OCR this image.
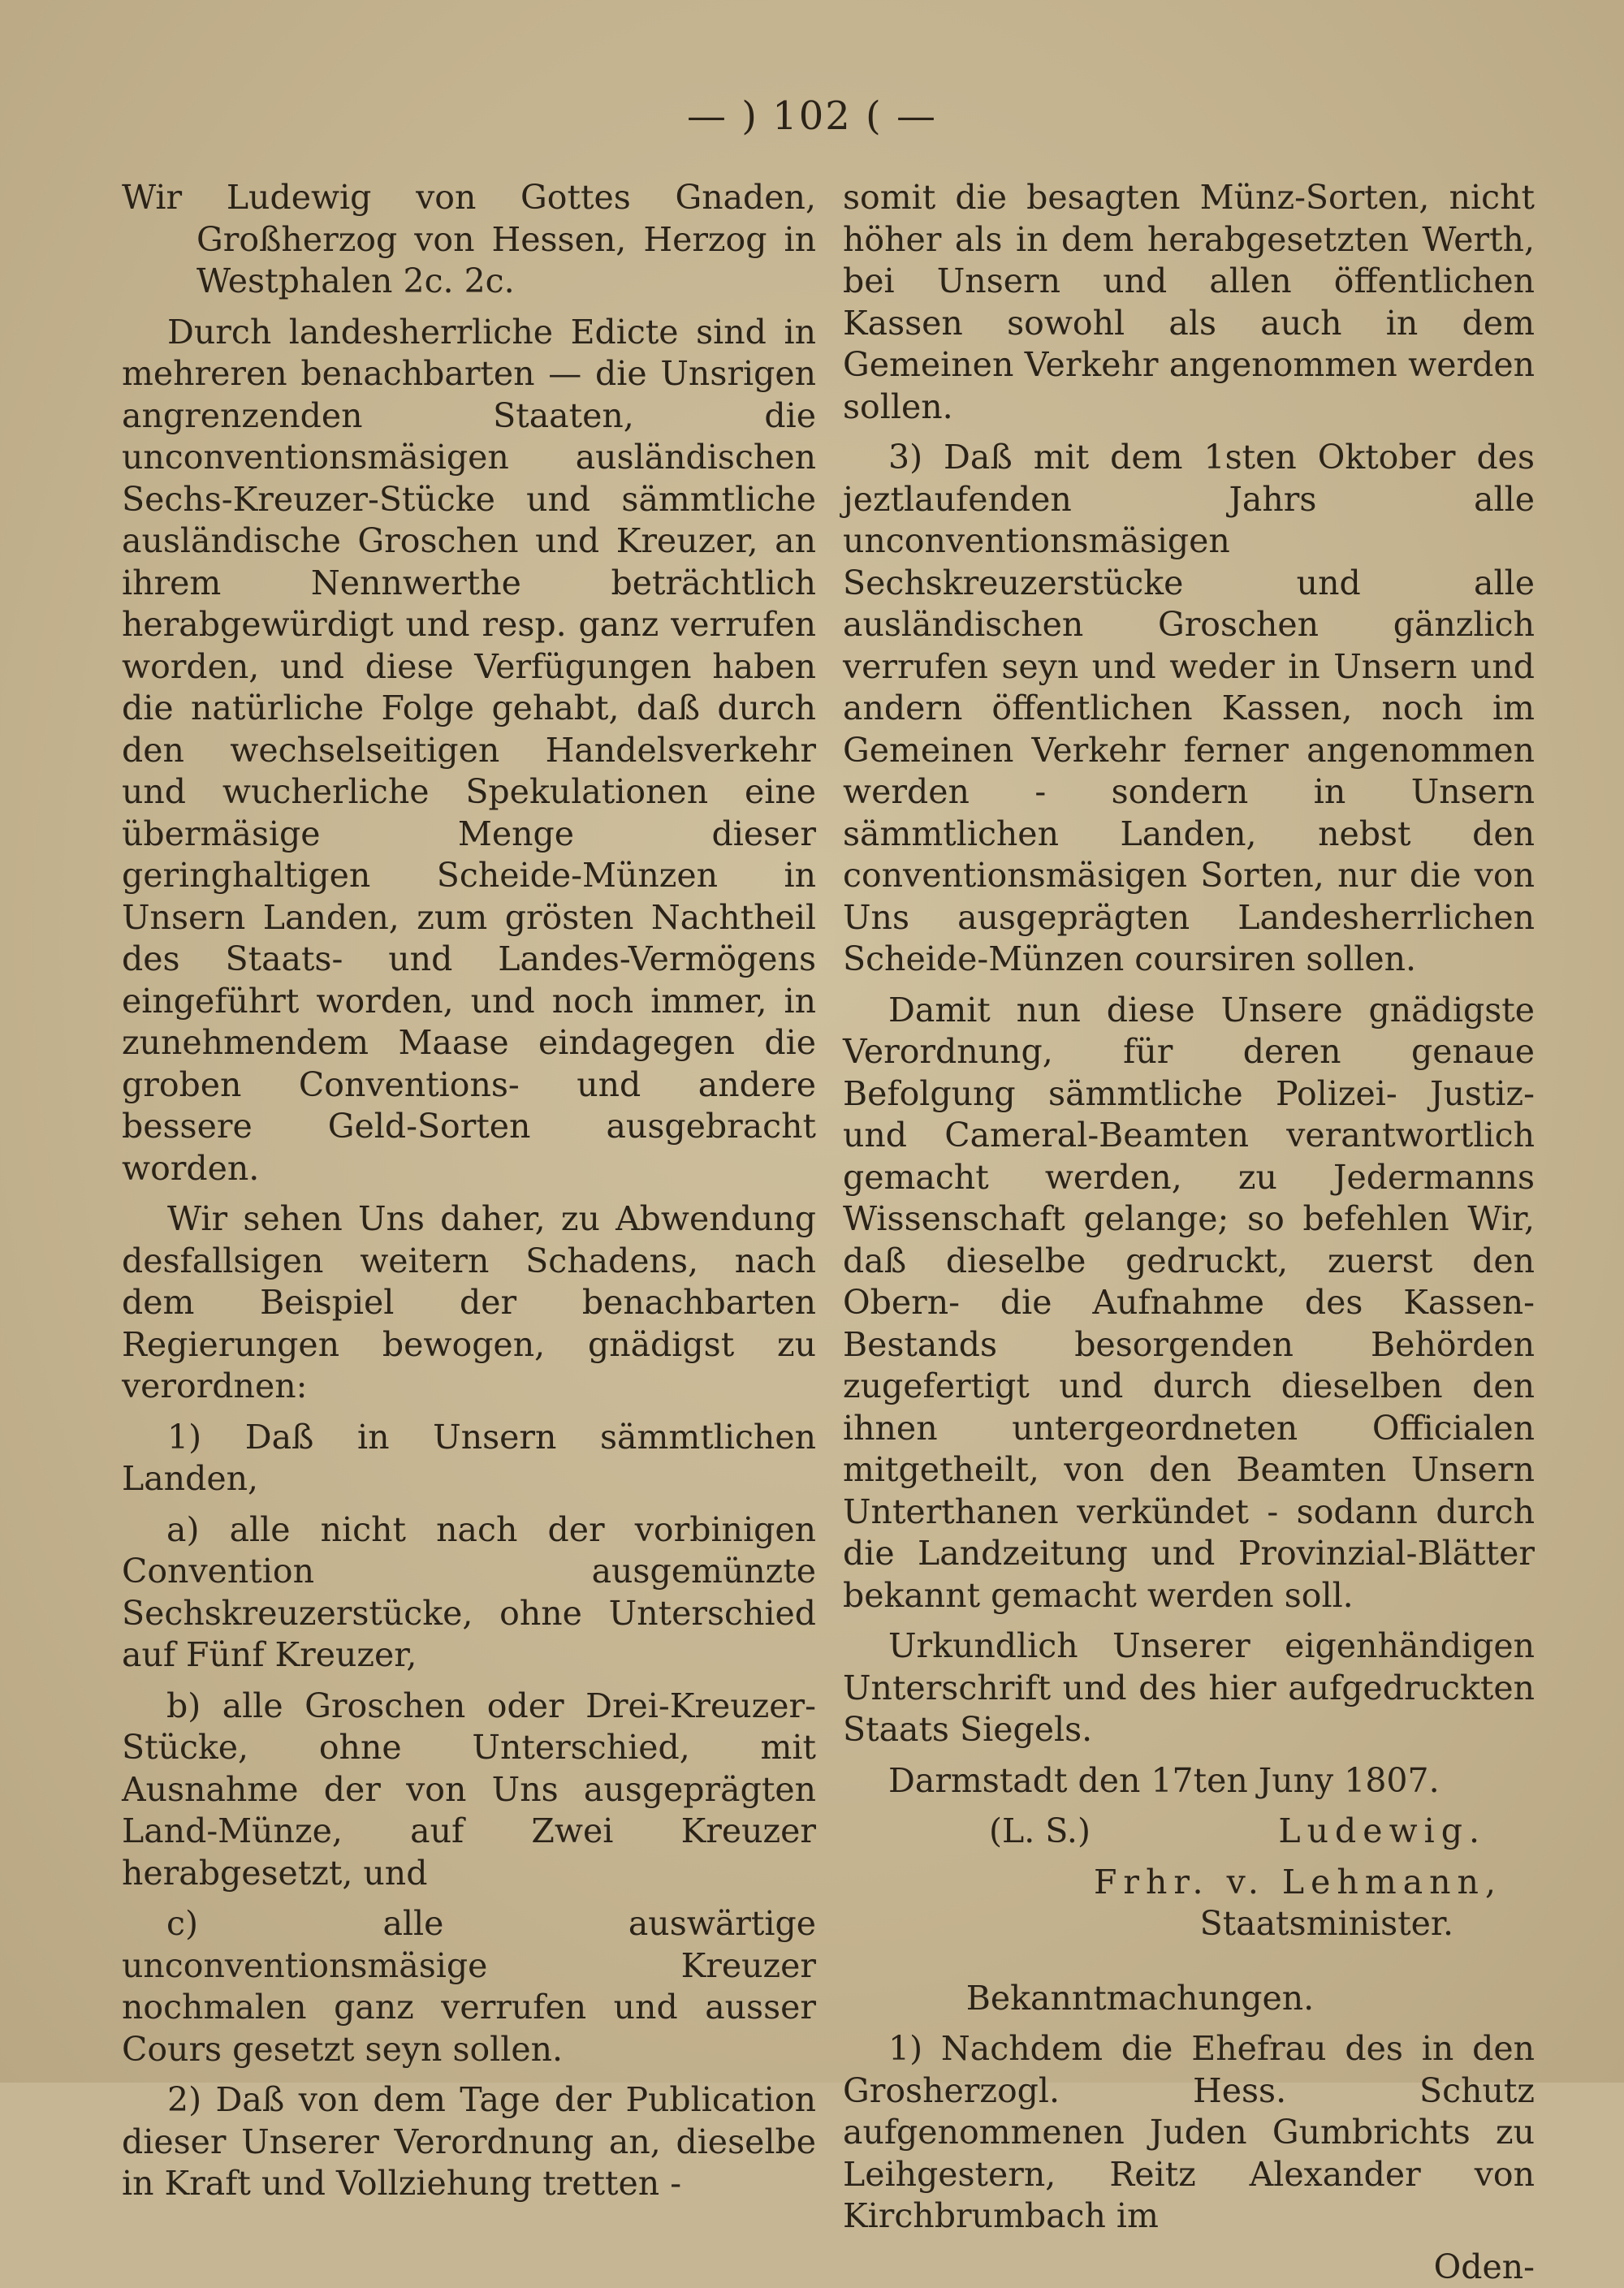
— ) 102 ( —

Wir Ludewig von Gottes Gnaden, Großherzog von Hessen, Herzog in Westphalen 2c. 2c.

Durch landesherrliche Edicte sind in mehreren benachbarten — die Unsrigen angrenzenden Staaten, die unconventionsmäsigen ausländischen Sechs-Kreuzer-Stücke und sämmtliche ausländische Groschen und Kreuzer, an ihrem Nennwerthe beträchtlich herabgewürdigt und resp. ganz verrufen worden, und diese Verfügungen haben die natürliche Folge gehabt, daß durch den wechselseitigen Handelsverkehr und wucherliche Spekulationen eine übermäsige Menge dieser geringhaltigen Scheide-Münzen in Unsern Landen, zum grösten Nachtheil des Staats- und Landes-Vermögens eingeführt worden, und noch immer, in zunehmendem Maase eindagegen die groben Conventions- und andere bessere Geld-Sorten ausgebracht worden.

Wir sehen Uns daher, zu Abwendung desfallsigen weitern Schadens, nach dem Beispiel der benachbarten Regierungen bewogen, gnädigst zu verordnen:

1) Daß in Unsern sämmtlichen Landen,

a) alle nicht nach der vorbinigen Convention ausgemünzte Sechskreuzerstücke, ohne Unterschied auf Fünf Kreuzer,

b) alle Groschen oder Drei-Kreuzer-Stücke, ohne Unterschied, mit Ausnahme der von Uns ausgeprägten Land-Münze, auf Zwei Kreuzer herabgesetzt, und

c) alle auswärtige unconventionsmäsige Kreuzer nochmalen ganz verrufen und ausser Cours gesetzt seyn sollen.

2) Daß von dem Tage der Publication dieser Unserer Verordnung an, dieselbe in Kraft und Vollziehung tretten -

somit die besagten Münz-Sorten, nicht höher als in dem herabgesetzten Werth, bei Unsern und allen öffentlichen Kassen sowohl als auch in dem Gemeinen Verkehr angenommen werden sollen.

3) Daß mit dem 1sten Oktober des jeztlaufenden Jahrs alle unconventionsmäsigen Sechskreuzerstücke und alle ausländischen Groschen gänzlich verrufen seyn und weder in Unsern und andern öffentlichen Kassen, noch im Gemeinen Verkehr ferner angenommen werden - sondern in Unsern sämmtlichen Landen, nebst den conventionsmäsigen Sorten, nur die von Uns ausgeprägten Landesherrlichen Scheide-Münzen coursiren sollen.

Damit nun diese Unsere gnädigste Verordnung, für deren genaue Befolgung sämmtliche Polizei- Justiz- und Cameral-Beamten verantwortlich gemacht werden, zu Jedermanns Wissenschaft gelange; so befehlen Wir, daß dieselbe gedruckt, zuerst den Obern- die Aufnahme des Kassen-Bestands besorgenden Behörden zugefertigt und durch dieselben den ihnen untergeordneten Officialen mitgetheilt, von den Beamten Unsern Unterthanen verkündet - sodann durch die Landzeitung und Provinzial-Blätter bekannt gemacht werden soll.

Urkundlich Unserer eigenhändigen Unterschrift und des hier aufgedruckten Staats Siegels.

Darmstadt den 17ten Juny 1807.

(L. S.)	Ludewig.
Frhr. v. Lehmann,
Staatsminister.

Bekanntmachungen.

1) Nachdem die Ehefrau des in den Grosherzogl. Hess. Schutz aufgenommenen Juden Gumbrichts zu Leihgestern, Reitz Alexander von Kirchbrumbach im

Oden-
